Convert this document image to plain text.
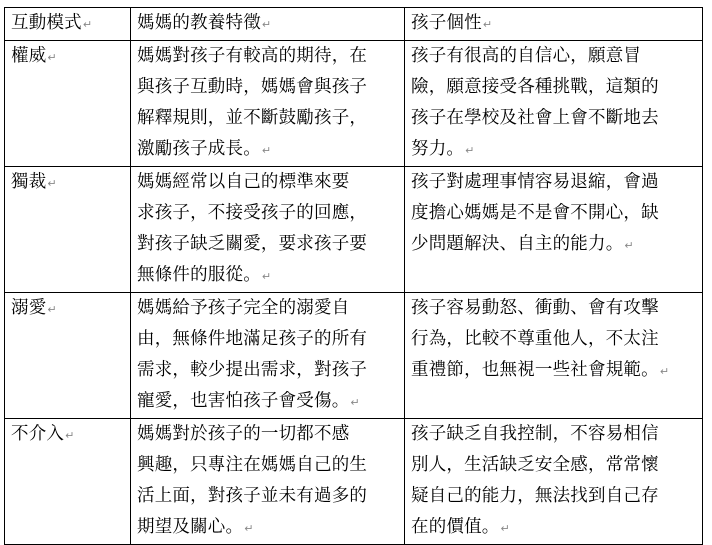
互動模式↵	媽媽的教養特徵↵	孩子個性↵
權威↵	媽媽對孩子有較高的期待，在
與孩子互動時，媽媽會與孩子
解釋規則，並不斷鼓勵孩子，
激勵孩子成長。↵	孩子有很高的自信心，願意冒
險，願意接受各種挑戰，這類的
孩子在學校及社會上會不斷地去
努力。↵
獨裁↵	媽媽經常以自己的標準來要
求孩子，不接受孩子的回應，
對孩子缺乏關愛，要求孩子要
無條件的服從。↵	孩子對處理事情容易退縮，會過
度擔心媽媽是不是會不開心，缺
少問題解決、自主的能力。↵
溺愛↵	媽媽給予孩子完全的溺愛自
由，無條件地滿足孩子的所有
需求，較少提出需求，對孩子
寵愛，也害怕孩子會受傷。↵	孩子容易動怒、衝動、會有攻擊
行為，比較不尊重他人，不太注
重禮節，也無視一些社會規範。↵
不介入↵	媽媽對於孩子的一切都不感
興趣，只專注在媽媽自己的生
活上面，對孩子並未有過多的
期望及關心。↵	孩子缺乏自我控制，不容易相信
別人，生活缺乏安全感，常常懷
疑自己的能力，無法找到自己存
在的價值。↵
